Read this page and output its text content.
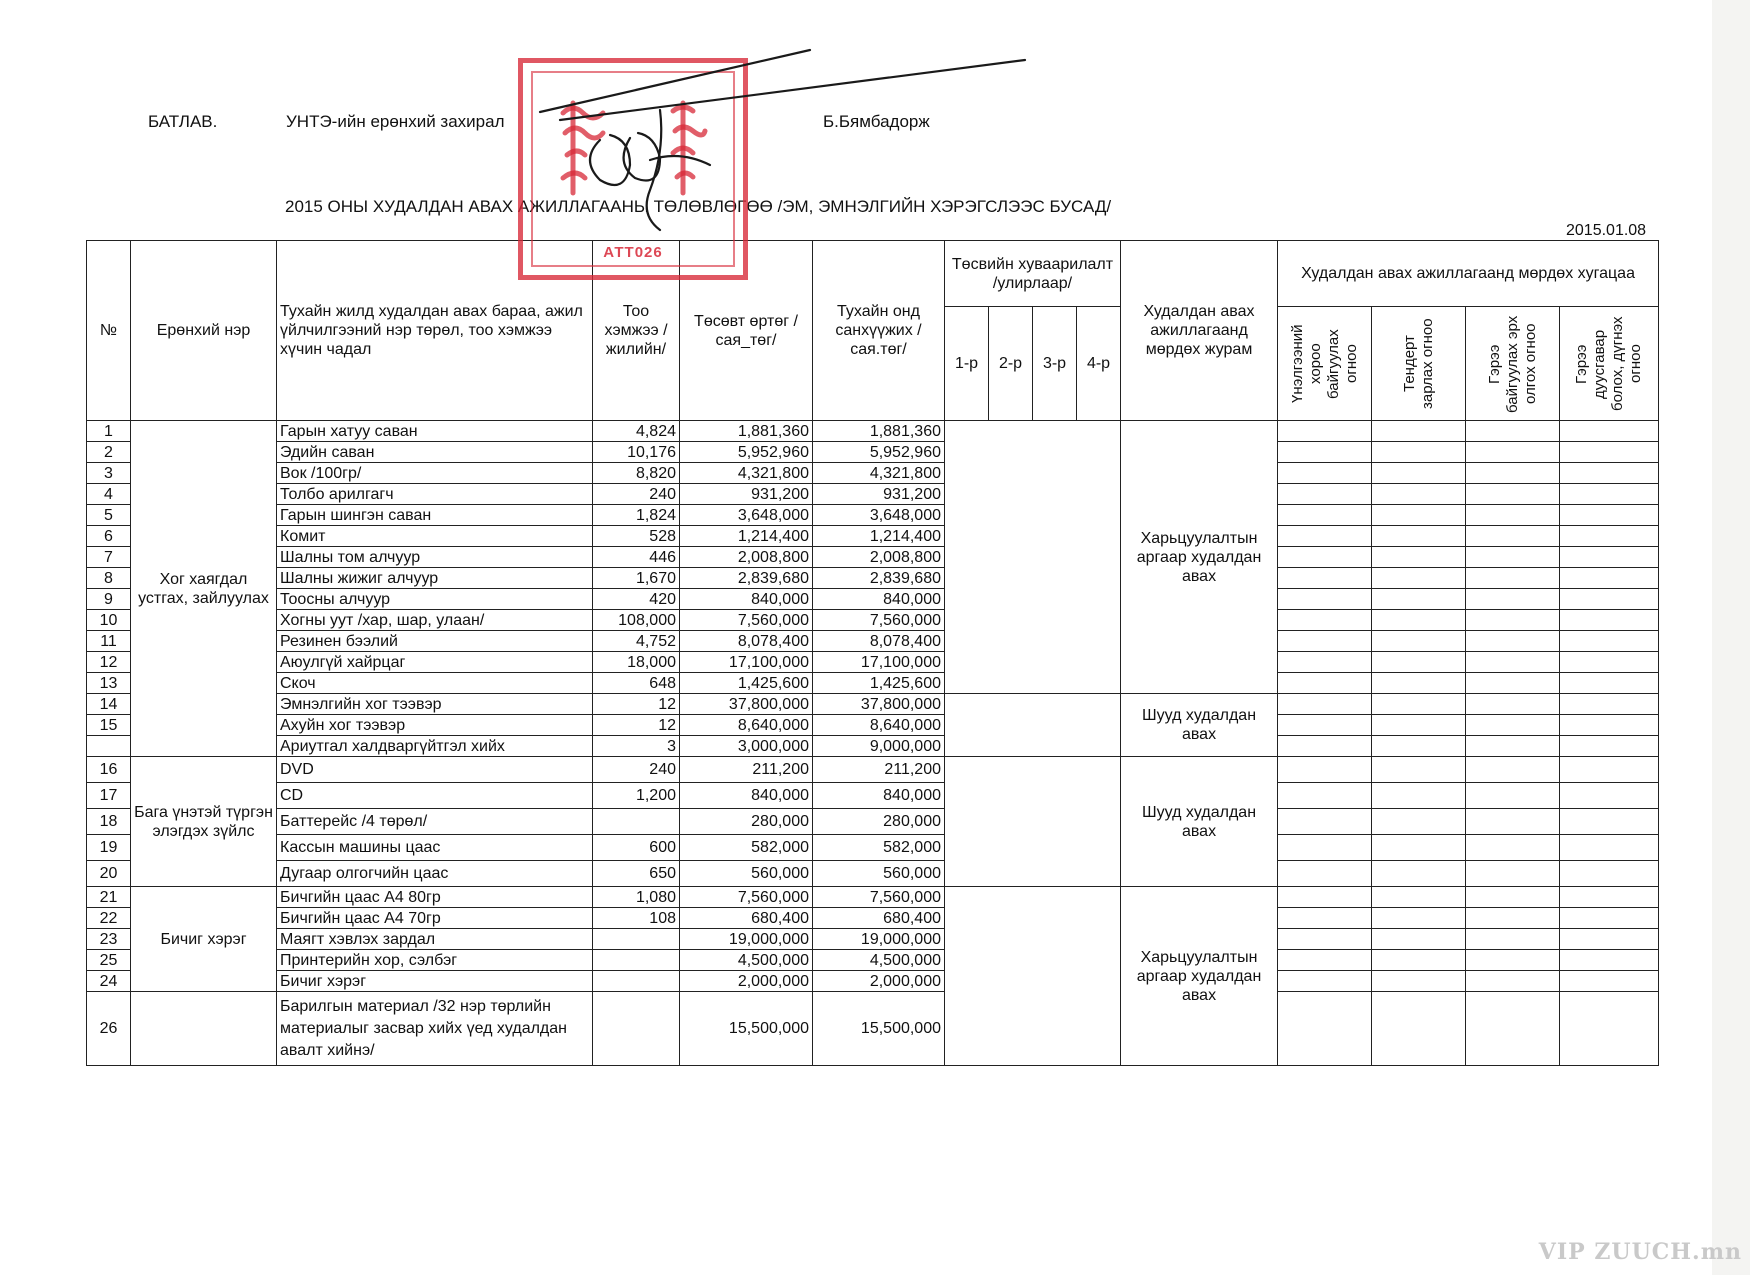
БАТЛАВ.	УНТЭ-ийн ерөнхий захирал	Б.Бямбадорж
2015 ОНЫ ХУДАЛДАН АВАХ АЖИЛЛАГААНЫ ТӨЛӨВЛӨГӨӨ /ЭМ, ЭМНЭЛГИЙН ХЭРЭГСЛЭЭС БУСАД/
2015.01.08
№	Ерөнхий нэр	Тухайн жилд худалдан авах бараа, ажил үйлчилгээний нэр төрөл, тоо хэмжээ хүчин чадал	Тоо хэмжээ /жилийн/	Төсөвт өртөг /сая_төг/	Тухайн онд санхүүжих /сая.төг/	Төсвийн хуваарилалт /улирлаар/				Худалдан авах ажиллагаанд мөрдөх журам	Худалдан авах ажиллагаанд мөрдөх хугацаа			
						1-р	2-р	3-р	4-р		Үнэлгээний хороо байгуулах огноо	Тендерт зарлах огноо	Гэрээ байгуулах эрх олгох огноо	Гэрээ дуусгавар болох, дүгнэх огноо

1	Хог хаягдал устгах, зайлуулах	Гарын хатуу саван	4,824	1,881,360	1,881,360					Харьцуулалтын аргаар худалдан авах				
2		Эдийн саван	10,176	5,952,960	5,952,960									
3		Вок /100гр/	8,820	4,321,800	4,321,800									
4		Толбо арилгагч	240	931,200	931,200									
5		Гарын шингэн саван	1,824	3,648,000	3,648,000									
6		Комит	528	1,214,400	1,214,400									
7		Шалны том алчуур	446	2,008,800	2,008,800									
8		Шалны жижиг алчуур	1,670	2,839,680	2,839,680									
9		Тоосны алчуур	420	840,000	840,000									
10		Хогны уут /хар, шар, улаан/	108,000	7,560,000	7,560,000									
11		Резинен бээлий	4,752	8,078,400	8,078,400									
12		Аюулгүй хайрцаг	18,000	17,100,000	17,100,000									
13		Скоч	648	1,425,600	1,425,600									
14		Эмнэлгийн хог тээвэр	12	37,800,000	37,800,000					Шууд худалдан авах				
15		Ахуйн хог тээвэр	12	8,640,000	8,640,000									
		Ариутгал халдваргүйтгэл хийх	3	3,000,000	9,000,000									
16	Бага үнэтэй түргэн элэгдэх зүйлс	DVD	240	211,200	211,200					Шууд худалдан авах				
17		CD	1,200	840,000	840,000									
18		Баттерейс /4 төрөл/		280,000	280,000									
19		Кассын машины цаас	600	582,000	582,000									
20		Дугаар олгогчийн цаас	650	560,000	560,000									
21	Бичиг хэрэг	Бичгийн цаас А4 80гр	1,080	7,560,000	7,560,000					Харьцуулалтын аргаар худалдан авах				
22		Бичгийн цаас А4 70гр	108	680,400	680,400									
23		Маягт хэвлэх зардал		19,000,000	19,000,000									
25		Принтерийн хор, сэлбэг		4,500,000	4,500,000									
24		Бичиг хэрэг		2,000,000	2,000,000									
26		Барилгын материал /32 нэр төрлийн материалыг засвар хийх үед худалдан авалт хийнэ/		15,500,000	15,500,000									
АТТ026
VIP ZUUCH.mn
